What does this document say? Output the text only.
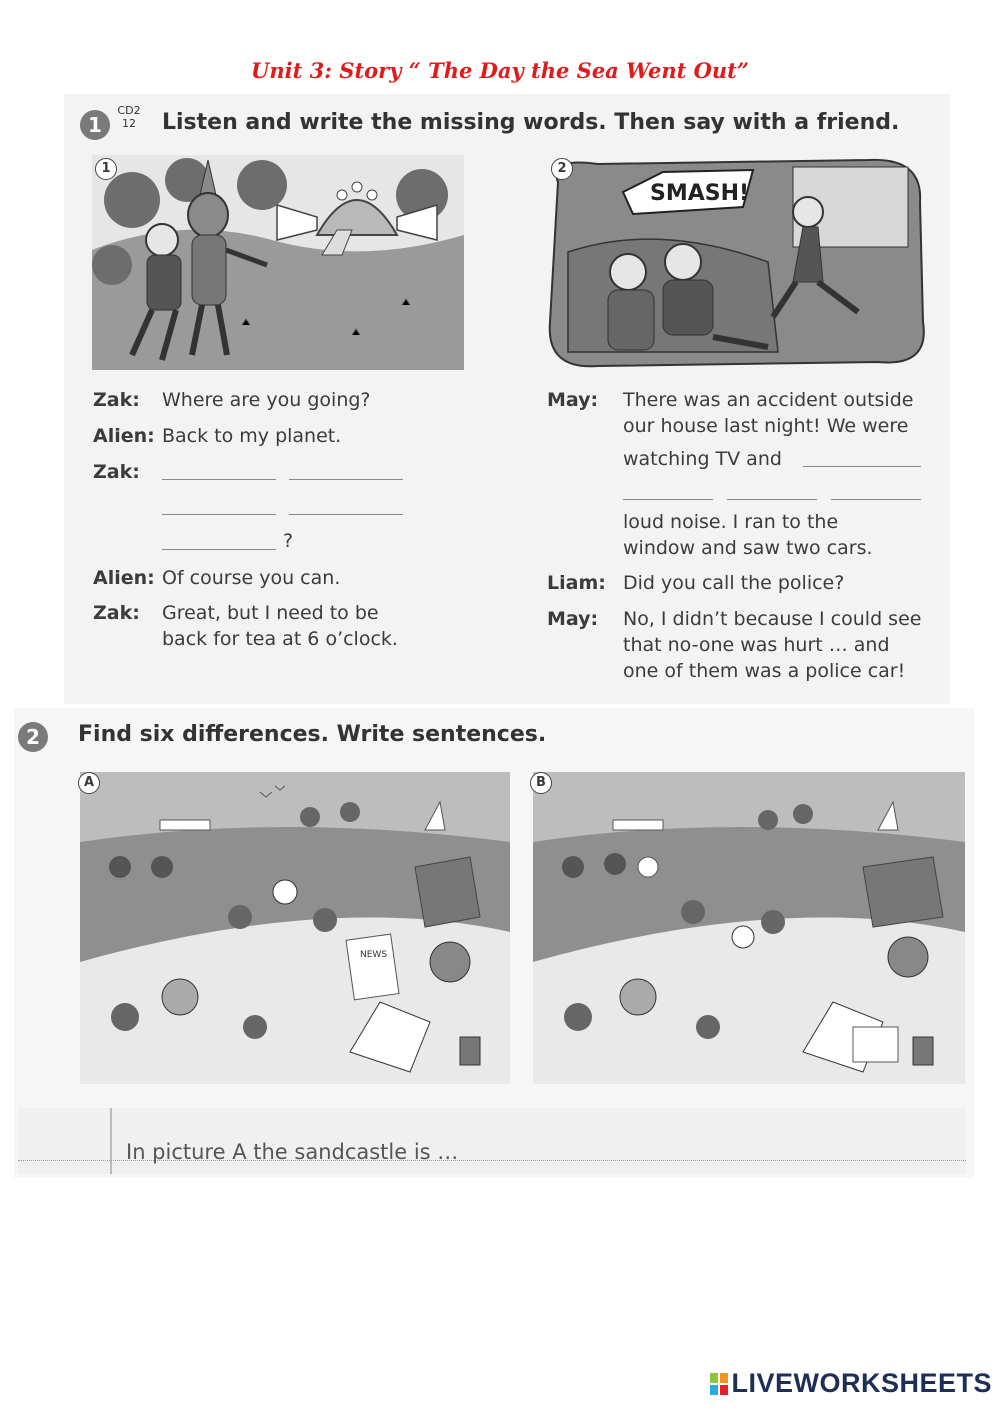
Unit 3: Story “ The Day the Sea Went Out”
1
CD2
12	Listen and write the missing words. Then say with a friend.
1
SMASH!
2
Zak: Where are you going?
Alien: Back to my planet.
Zak:
?
Alien: Of course you can.
Zak: Great, but I need to be
back for tea at 6 o’clock.
May: There was an accident outside
our house last night! We were
watching TV and
loud noise. I ran to the
window and saw two cars.
Liam: Did you call the police?
May: No, I didn’t because I could see
that no-one was hurt … and
one of them was a police car!
2	Find six differences. Write sentences.
NEWS
A	B
In picture A the sandcastle is …
LIVEWORKSHEETS
